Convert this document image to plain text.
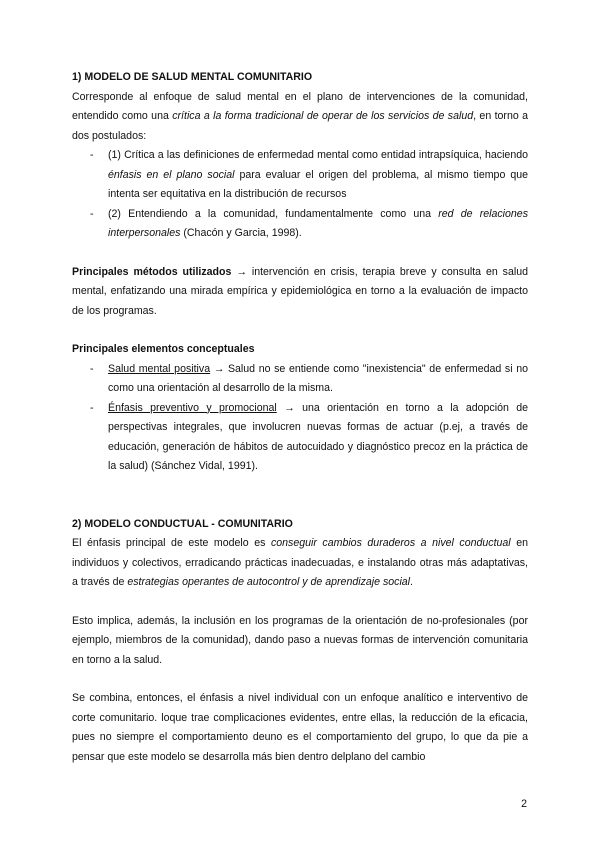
1) MODELO DE SALUD MENTAL COMUNITARIO

Corresponde al enfoque de salud mental en el plano de intervenciones de la comunidad, entendido como una crítica a la forma tradicional de operar de los servicios de salud, en torno a dos postulados:

- (1) Crítica a las definiciones de enfermedad mental como entidad intrapsíquica, haciendo énfasis en el plano social para evaluar el origen del problema, al mismo tiempo que intenta ser equitativa en la distribución de recursos
- (2) Entendiendo a la comunidad, fundamentalmente como una red de relaciones interpersonales (Chacón y Garcia, 1998).

Principales métodos utilizados → intervención en crisis, terapia breve y consulta en salud mental, enfatizando una mirada empírica y epidemiológica en torno a la evaluación de impacto de los programas.

Principales elementos conceptuales
- Salud mental positiva → Salud no se entiende como "inexistencia" de enfermedad si no como una orientación al desarrollo de la misma.
- Énfasis preventivo y promocional → una orientación en torno a la adopción de perspectivas integrales, que involucren nuevas formas de actuar (p.ej, a través de educación, generación de hábitos de autocuidado y diagnóstico precoz en la práctica de la salud) (Sánchez Vidal, 1991).
2) MODELO CONDUCTUAL - COMUNITARIO

El énfasis principal de este modelo es conseguir cambios duraderos a nivel conductual en individuos y colectivos, erradicando prácticas inadecuadas, e instalando otras más adaptativas, a través de estrategias operantes de autocontrol y de aprendizaje social.

Esto implica, además, la inclusión en los programas de la orientación de no-profesionales (por ejemplo, miembros de la comunidad), dando paso a nuevas formas de intervención comunitaria en torno a la salud.

Se combina, entonces, el énfasis a nivel individual con un enfoque analítico e interventivo de corte comunitario. loque trae complicaciones evidentes, entre ellas, la reducción de la eficacia, pues no siempre el comportamiento deuno es el comportamiento del grupo, lo que da pie a pensar que este modelo se desarrolla más bien dentro delplano del cambio

2
